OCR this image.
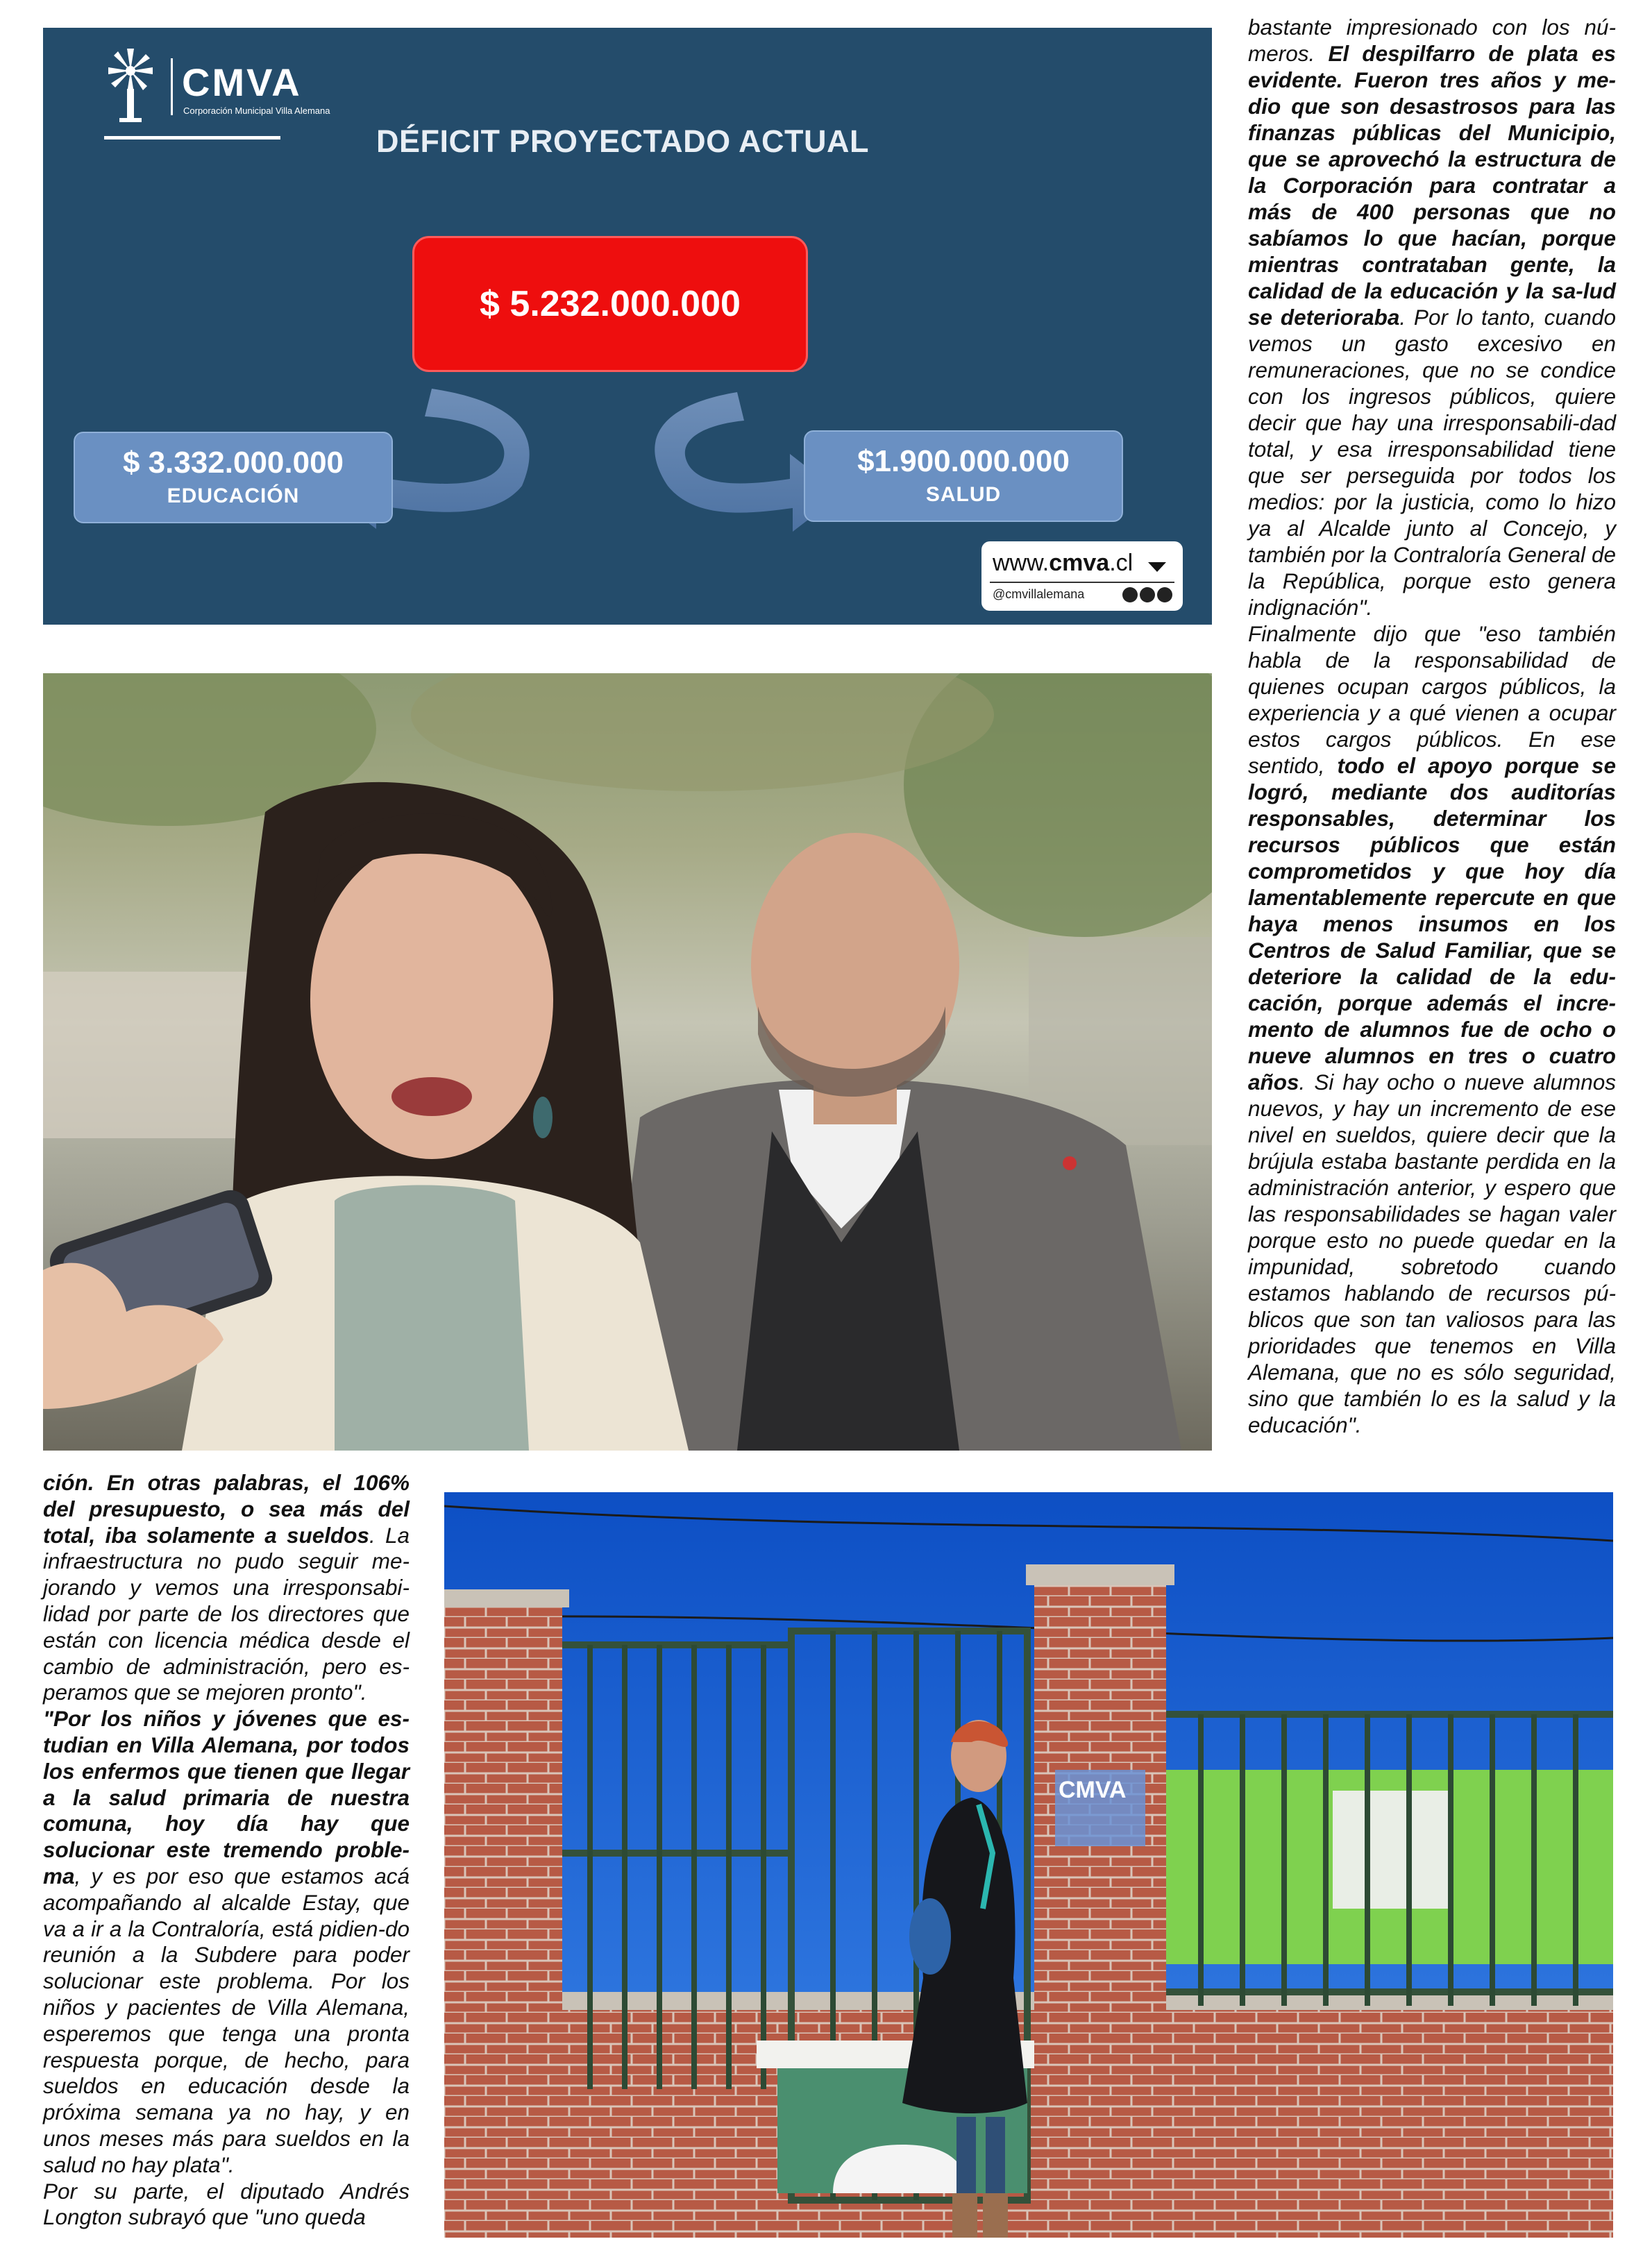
CMVA
Corporación Municipal Villa Alemana
DÉFICIT PROYECTADO ACTUAL
$ 5.232.000.000
$ 3.332.000.000
EDUCACIÓN
$1.900.000.000
SALUD
www.cmva.cl
@cmvillalemana
CMVA

bastante impresionado con los nú-meros. El despilfarro de plata es evidente. Fueron tres años y me-dio que son desastrosos para las finanzas públicas del Municipio, que se aprovechó la estructura de la Corporación para contratar a más de 400 personas que no sabíamos lo que hacían, porque mientras contrataban gente, la calidad de la educación y la sa-lud se deterioraba. Por lo tanto, cuando vemos un gasto excesivo en remuneraciones, que no se condice con los ingresos públicos, quiere decir que hay una irresponsabili-dad total, y esa irresponsabilidad tiene que ser perseguida por todos los medios: por la justicia, como lo hizo ya al Alcalde junto al Concejo, y también por la Contraloría General de la República, porque esto genera indignación".

Finalmente dijo que "eso también habla de la responsabilidad de quienes ocupan cargos públicos, la experiencia y a qué vienen a ocupar estos cargos públicos. En ese sentido, todo el apoyo porque se logró, mediante dos auditorías responsables, determinar los recursos públicos que están comprometidos y que hoy día lamentablemente repercute en que haya menos insumos en los Centros de Salud Familiar, que se deteriore la calidad de la edu-cación, porque además el incre-mento de alumnos fue de ocho o nueve alumnos en tres o cuatro años. Si hay ocho o nueve alumnos nuevos, y hay un incremento de ese nivel en sueldos, quiere decir que la brújula estaba bastante perdida en la administración anterior, y espero que las responsabilidades se hagan valer porque esto no puede quedar en la impunidad, sobretodo cuando estamos hablando de recursos pú-blicos que son tan valiosos para las prioridades que tenemos en Villa Alemana, que no es sólo seguridad, sino que también lo es la salud y la educación".

ción. En otras palabras, el 106% del presupuesto, o sea más del total, iba solamente a sueldos. La infraestructura no pudo seguir me-jorando y vemos una irresponsabi-lidad por parte de los directores que están con licencia médica desde el cambio de administración, pero es-peramos que se mejoren pronto".

"Por los niños y jóvenes que es-tudian en Villa Alemana, por todos los enfermos que tienen que llegar a la salud primaria de nuestra comuna, hoy día hay que solucionar este tremendo proble-ma, y es por eso que estamos acá acompañando al alcalde Estay, que va a ir a la Contraloría, está pidien-do reunión a la Subdere para poder solucionar este problema. Por los niños y pacientes de Villa Alemana, esperemos que tenga una pronta respuesta porque, de hecho, para sueldos en educación desde la próxima semana ya no hay, y en unos meses más para sueldos en la salud no hay plata".

Por su parte, el diputado Andrés Longton subrayó que "uno queda
